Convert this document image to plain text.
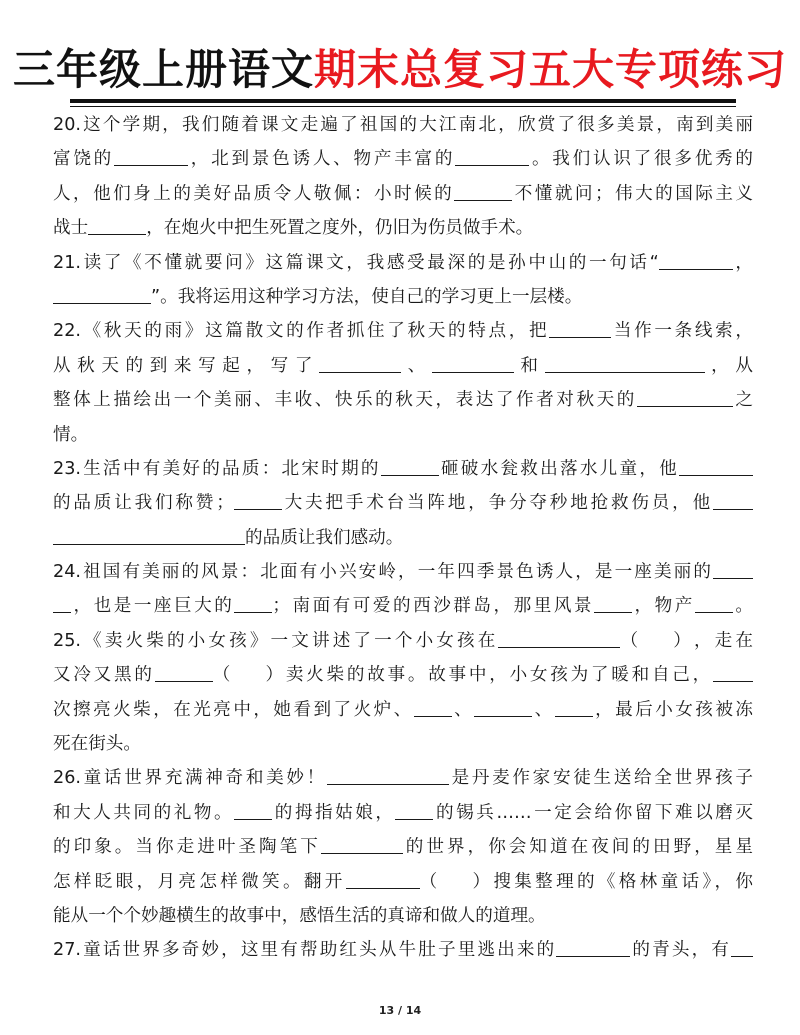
三年级上册语文期末总复习五大专项练习
20.这个学期，我们随着课文走遍了祖国的大江南北，欣赏了很多美景，南到美丽
富饶的	，北到景色诱人、物产丰富的	。我们认识了很多优秀的
人，他们身上的美好品质令人敬佩：小时候的	不懂就问；伟大的国际主义
战士	，在炮火中把生死置之度外，仍旧为伤员做手术。
21.读了《不懂就要问》这篇课文，我感受最深的是孙中山的一句话“	，
”。我将运用这种学习方法，使自己的学习更上一层楼。
22.《秋天的雨》这篇散文的作者抓住了秋天的特点，把	当作一条线索，
从秋天的到来写起，写了	、	和	，从
整体上描绘出一个美丽、丰收、快乐的秋天，表达了作者对秋天的	之
情。
23.生活中有美好的品质：北宋时期的	砸破水瓮救出落水儿童，他
的品质让我们称赞；	大夫把手术台当阵地，争分夺秒地抢救伤员，他
的品质让我们感动。
24.祖国有美丽的风景：北面有小兴安岭，一年四季景色诱人，是一座美丽的
，也是一座巨大的 ；南面有可爱的西沙群岛，那里风景 ，物产 。
25.《卖火柴的小女孩》一文讲述了一个小女孩在	（　　），走在
又冷又黑的	（　　）卖火柴的故事。故事中，小女孩为了暖和自己，
次擦亮火柴，在光亮中，她看到了火炉、 、	、 ，最后小女孩被冻
死在街头。
26.童话世界充满神奇和美妙！	是丹麦作家安徒生送给全世界孩子
和大人共同的礼物。 的拇指姑娘， 的锡兵……一定会给你留下难以磨灭
的印象。当你走进叶圣陶笔下	的世界，你会知道在夜间的田野，星星
怎样眨眼，月亮怎样微笑。翻开	（　　）搜集整理的《格林童话》，你
能从一个个妙趣横生的故事中，感悟生活的真谛和做人的道理。
27.童话世界多奇妙，这里有帮助红头从牛肚子里逃出来的	的青头，有
13 / 14
